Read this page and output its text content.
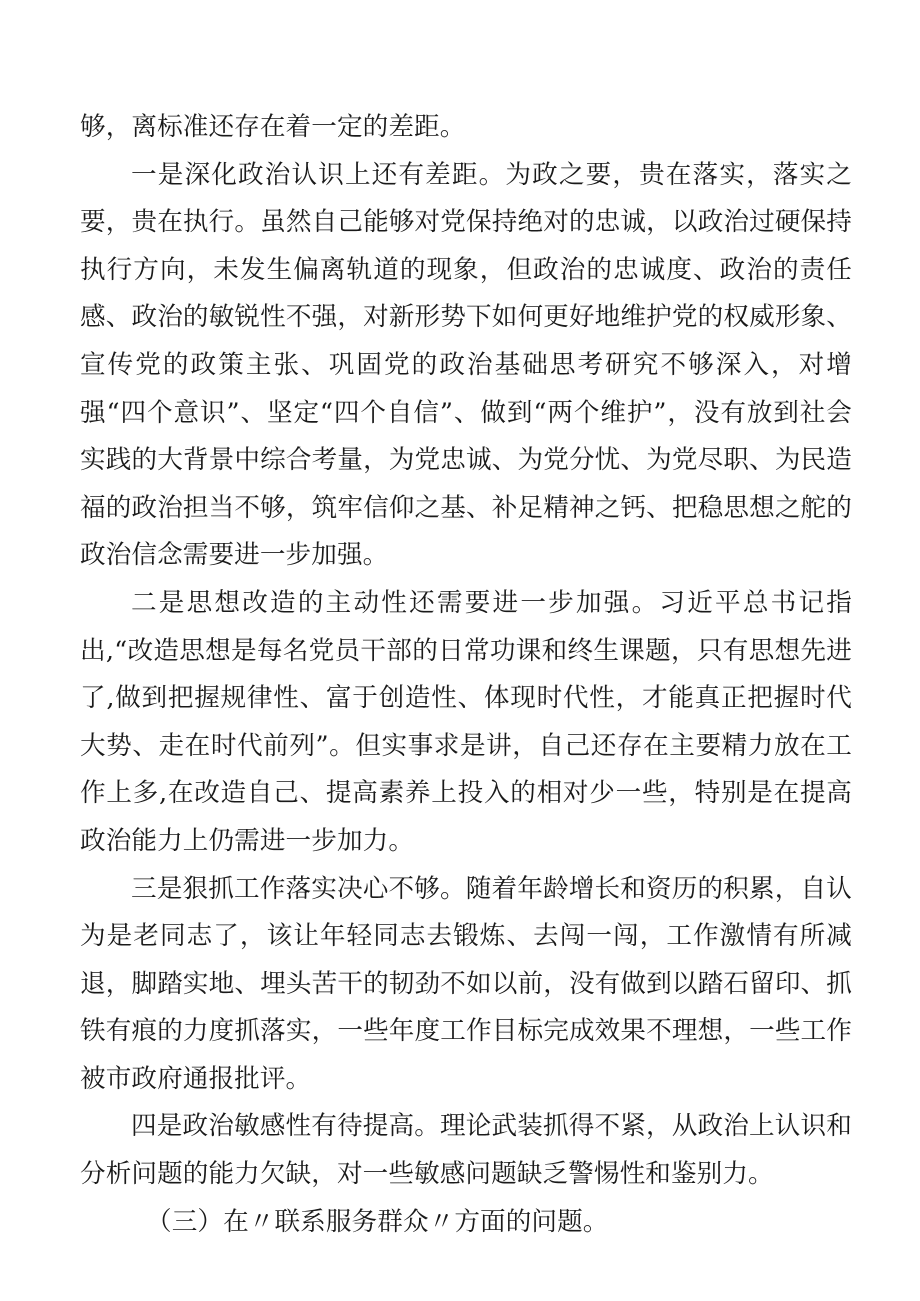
够，离标准还存在着一定的差距。

一是深化政治认识上还有差距。为政之要，贵在落实，落实之要，贵在执行。虽然自己能够对党保持绝对的忠诚，以政治过硬保持执行方向，未发生偏离轨道的现象，但政治的忠诚度、政治的责任感、政治的敏锐性不强，对新形势下如何更好地维护党的权威形象、宣传党的政策主张、巩固党的政治基础思考研究不够深入，对增强“四个意识”、坚定“四个自信”、做到“两个维护”，没有放到社会实践的大背景中综合考量，为党忠诚、为党分忧、为党尽职、为民造福的政治担当不够，筑牢信仰之基、补足精神之钙、把稳思想之舵的政治信念需要进一步加强。

二是思想改造的主动性还需要进一步加强。习近平总书记指出,“改造思想是每名党员干部的日常功课和终生课题，只有思想先进了,做到把握规律性、富于创造性、体现时代性，才能真正把握时代大势、走在时代前列”。但实事求是讲，自己还存在主要精力放在工作上多,在改造自己、提高素养上投入的相对少一些，特别是在提高政治能力上仍需进一步加力。

三是狠抓工作落实决心不够。随着年龄增长和资历的积累，自认为是老同志了，该让年轻同志去锻炼、去闯一闯，工作激情有所减退，脚踏实地、埋头苦干的韧劲不如以前，没有做到以踏石留印、抓铁有痕的力度抓落实，一些年度工作目标完成效果不理想，一些工作被市政府通报批评。

四是政治敏感性有待提高。理论武装抓得不紧，从政治上认识和分析问题的能力欠缺，对一些敏感问题缺乏警惕性和鉴别力。

（三）在〃联系服务群众〃方面的问题。
